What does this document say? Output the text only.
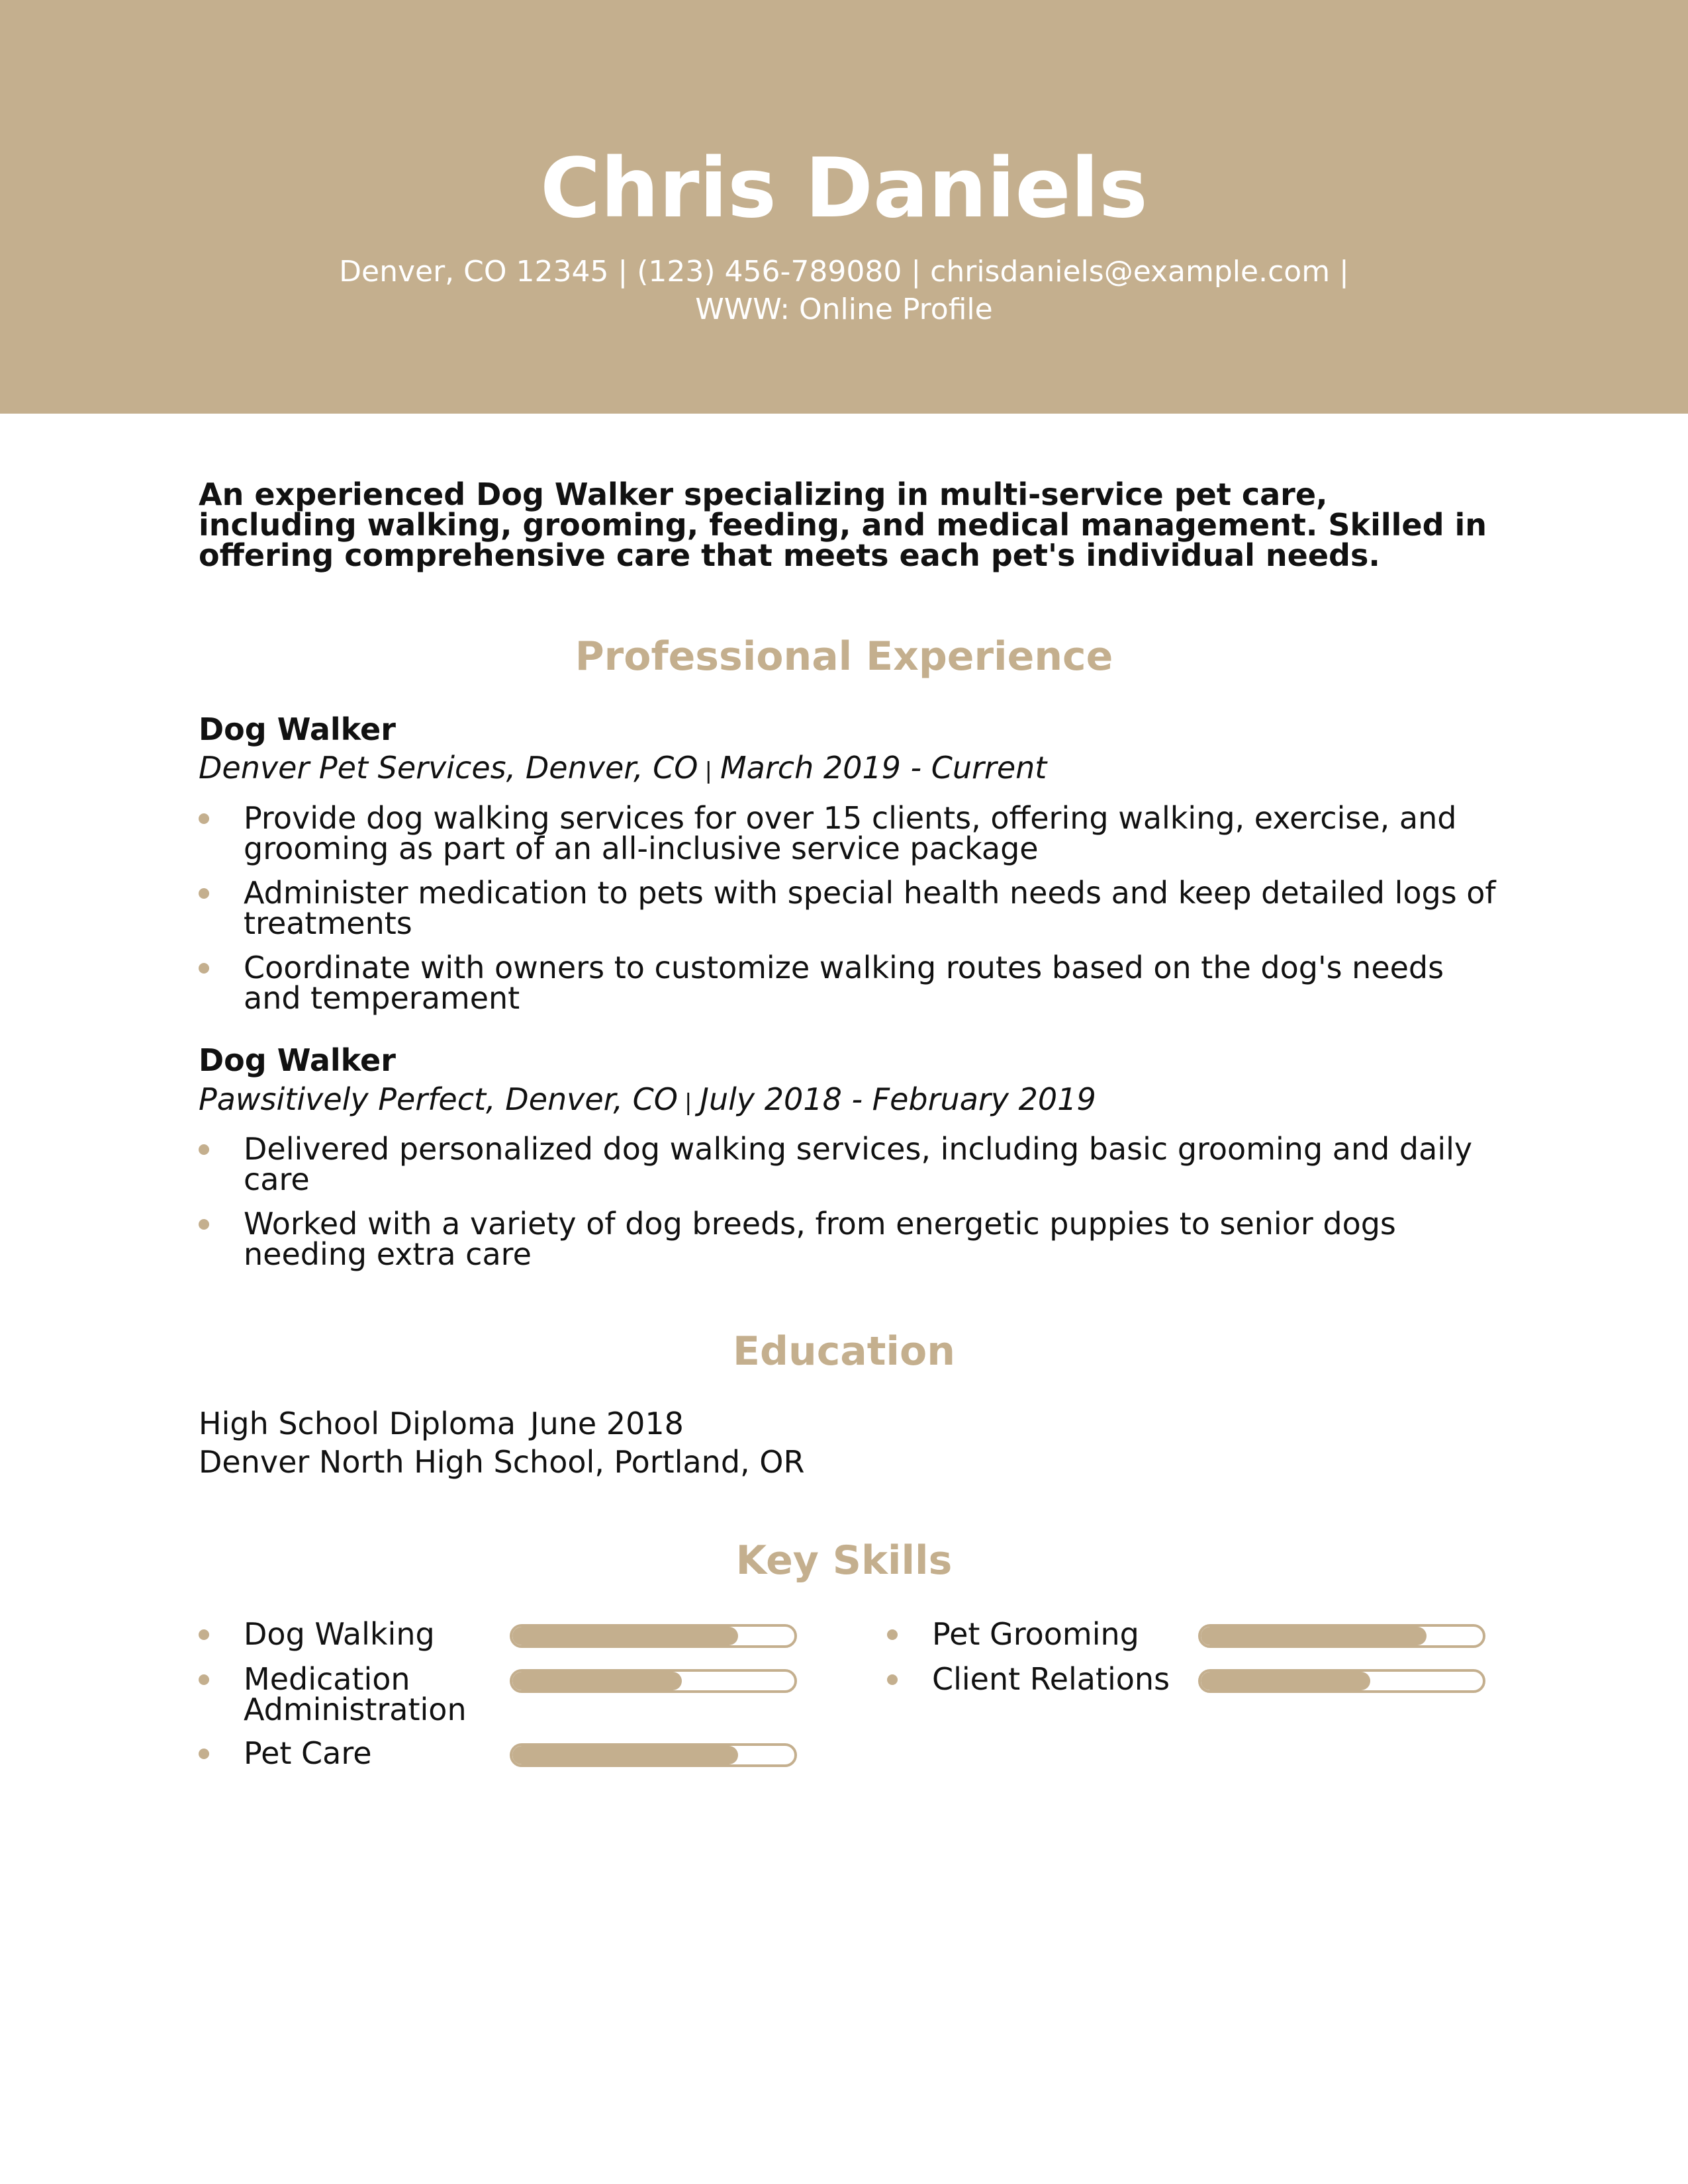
Chris Daniels
Denver, CO 12345 | (123) 456-789080 | chrisdaniels@example.com |
WWW: Online Profile

An experienced Dog Walker specializing in multi-service pet care, including walking, grooming, feeding, and medical management. Skilled in offering comprehensive care that meets each pet's individual needs.

Professional Experience
Dog Walker
Denver Pet Services, Denver, CO | March 2019 - Current
Provide dog walking services for over 15 clients, offering walking, exercise, and grooming as part of an all-inclusive service package
Administer medication to pets with special health needs and keep detailed logs of treatments
Coordinate with owners to customize walking routes based on the dog's needs and temperament
Dog Walker
Pawsitively Perfect, Denver, CO | July 2018 - February 2019
Delivered personalized dog walking services, including basic grooming and daily care
Worked with a variety of dog breeds, from energetic puppies to senior dogs needing extra care
Education
High School Diploma June 2018
Denver North High School, Portland, OR
Key Skills
Dog Walking	Pet Grooming
Medication Administration
Client Relations
Pet Care
